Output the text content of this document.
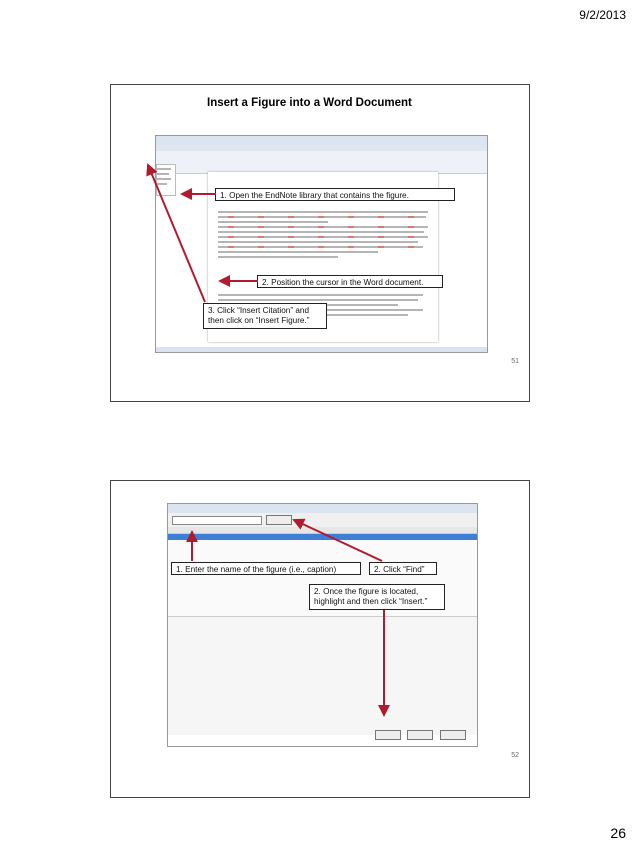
9/2/2013
Insert a Figure into a Word Document
1. Open the EndNote library that contains the figure.
2. Position the cursor in the Word document.
3. Click “Insert Citation” and then click on “Insert Figure.”
51
1. Enter the name of the figure (i.e., caption)	2. Click “Find”
2. Once the figure is located, highlight and then click “Insert.”
52
26
